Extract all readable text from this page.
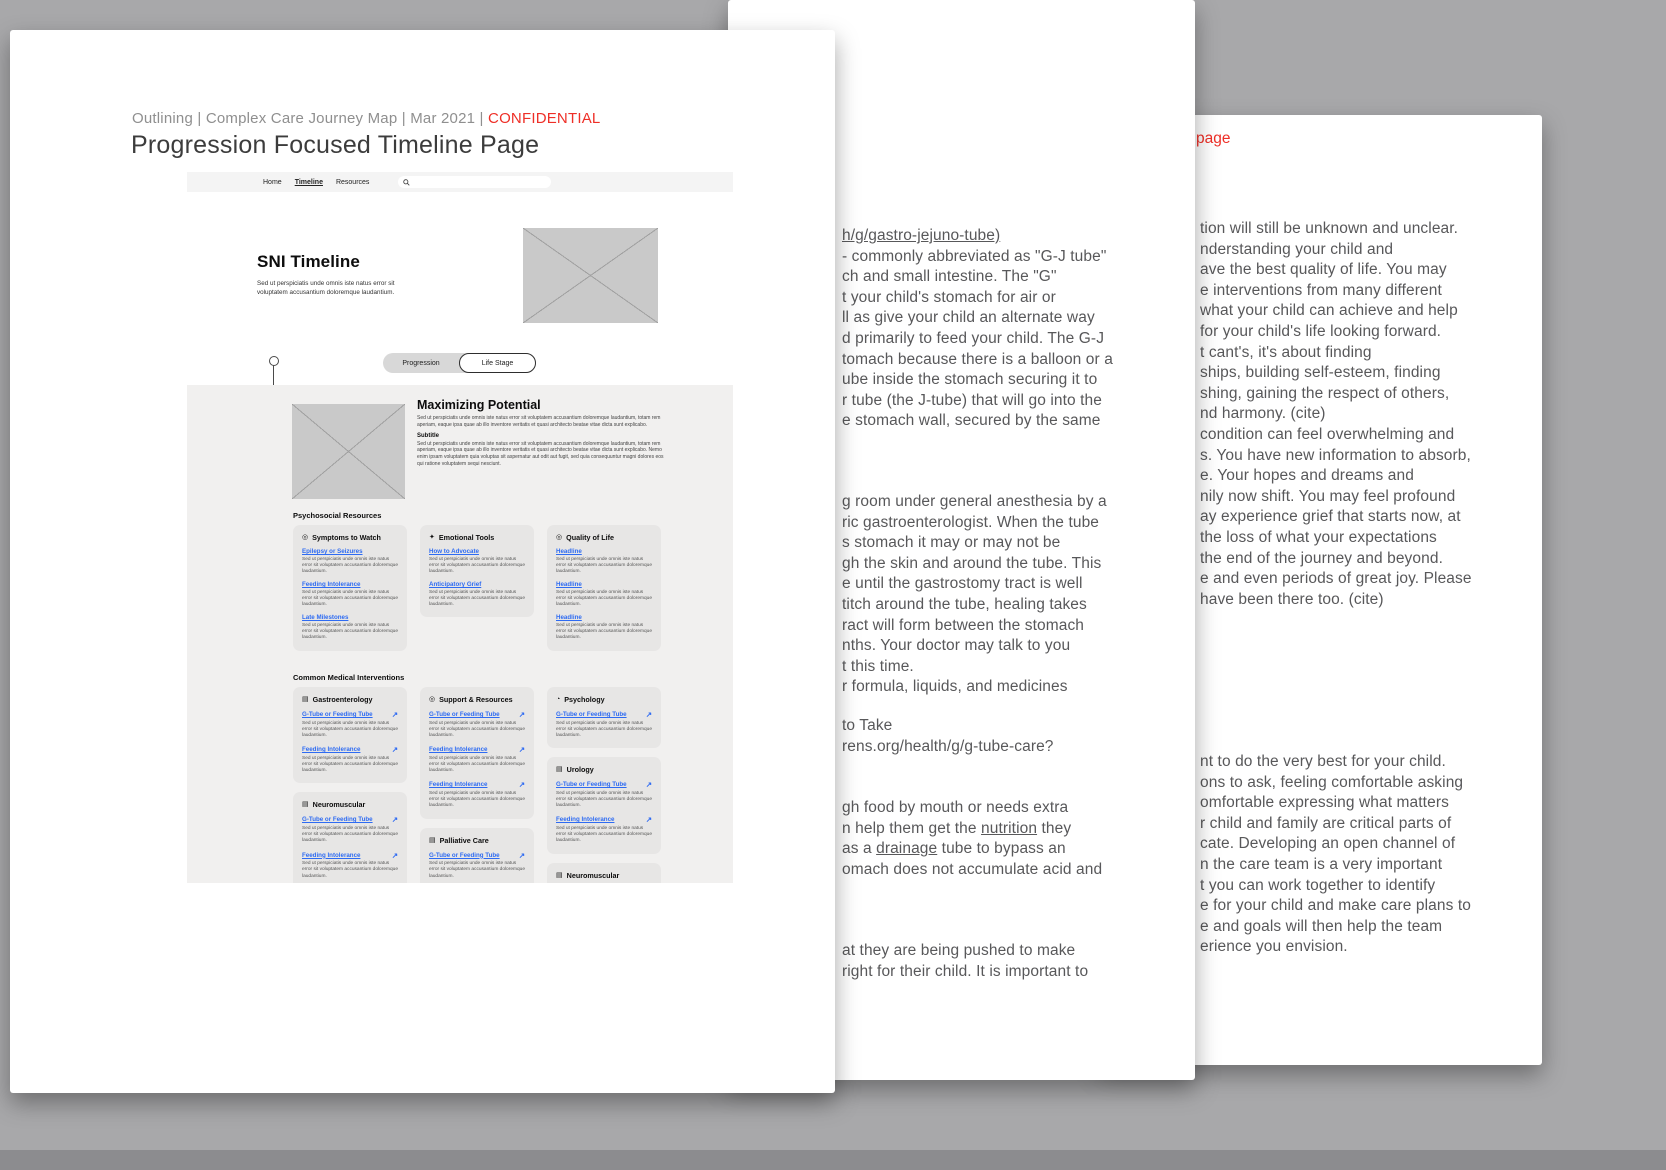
page
tion will still be unknown and unclear.
nderstanding your child and
ave the best quality of life. You may
e interventions from many different
what your child can achieve and help
for your child's life looking forward.
t cant's, it's about finding
ships, building self-esteem, finding
shing, gaining the respect of others,
nd harmony. (cite)
condition can feel overwhelming and
s. You have new information to absorb,
e. Your hopes and dreams and
nily now shift. You may feel profound
ay experience grief that starts now, at
the loss of what your expectations
the end of the journey and beyond.
e and even periods of great joy. Please
have been there too. (cite)
nt to do the very best for your child.
ons to ask, feeling comfortable asking
omfortable expressing what matters
r child and family are critical parts of
cate. Developing an open channel of
n the care team is a very important
t you can work together to identify
e for your child and make care plans to
e and goals will then help the team
erience you envision.
h/g/gastro-jejuno-tube)
- commonly abbreviated as "G-J tube"
ch and small intestine. The "G"
t your child's stomach for air or
ll as give your child an alternate way
d primarily to feed your child. The G-J
tomach because there is a balloon or a
ube inside the stomach securing it to
r tube (the J-tube) that will go into the
e stomach wall, secured by the same
g room under general anesthesia by a
ric gastroenterologist. When the tube
s stomach it may or may not be
gh the skin and around the tube. This
e until the gastrostomy tract is well
titch around the tube, healing takes
ract will form between the stomach
nths. Your doctor may talk to you
t this time.
r formula, liquids, and medicines
to Take
rens.org/health/g/g-tube-care?
gh food by mouth or needs extra
n help them get the nutrition they
as a drainage tube to bypass an
omach does not accumulate acid and
at they are being pushed to make
right for their child. It is important to
Outlining | Complex Care Journey Map | Mar 2021 | CONFIDENTIAL
Progression Focused Timeline Page
Home Timeline Resources
SNI Timeline
Sed ut perspiciatis unde omnis iste natus error sit voluptatem accusantium doloremque laudantium.
Progression	Life Stage
Maximizing Potential
Sed ut perspiciatis unde omnis iste natus error sit voluptatem accusantium doloremque laudantium, totam rem aperiam, eaque ipsa quae ab illo inventore veritatis et quasi architecto beatae vitae dicta sunt explicabo.
Subtitle
Sed ut perspiciatis unde omnis iste natus error sit voluptatem accusantium doloremque laudantium, totam rem aperiam, eaque ipsa quae ab illo inventore veritatis et quasi architecto beatae vitae dicta sunt explicabo. Nemo enim ipsam voluptatem quia voluptas sit aspernatur aut odit aut fugit, sed quia consequuntur magni dolores eos qui ratione voluptatem sequi nesciunt.
Psychosocial Resources
◎ Symptoms to Watch
Epilepsy or Seizures
Sed ut perspiciatis unde omnis iste natus error sit voluptatem accusantium doloremque laudantium.
Feeding Intolerance
Sed ut perspiciatis unde omnis iste natus error sit voluptatem accusantium doloremque laudantium.
Late Milestones
Sed ut perspiciatis unde omnis iste natus error sit voluptatem accusantium doloremque laudantium.
✦ Emotional Tools
How to Advocate
Sed ut perspiciatis unde omnis iste natus error sit voluptatem accusantium doloremque laudantium.
Anticipatory Grief
Sed ut perspiciatis unde omnis iste natus error sit voluptatem accusantium doloremque laudantium.
◎ Quality of Life
Headline
Sed ut perspiciatis unde omnis iste natus error sit voluptatem accusantium doloremque laudantium.
Headline
Sed ut perspiciatis unde omnis iste natus error sit voluptatem accusantium doloremque laudantium.
Headline
Sed ut perspiciatis unde omnis iste natus error sit voluptatem accusantium doloremque laudantium.
Common Medical Interventions
▤ Gastroenterology
G-Tube or Feeding Tube	↗
Sed ut perspiciatis unde omnis iste natus error sit voluptatem accusantium doloremque laudantium.
Feeding Intolerance	↗
Sed ut perspiciatis unde omnis iste natus error sit voluptatem accusantium doloremque laudantium.
▤ Neuromuscular
G-Tube or Feeding Tube	↗
Sed ut perspiciatis unde omnis iste natus error sit voluptatem accusantium doloremque laudantium.
Feeding Intolerance	↗
Sed ut perspiciatis unde omnis iste natus error sit voluptatem accusantium doloremque laudantium.
◎ Support & Resources
G-Tube or Feeding Tube	↗
Sed ut perspiciatis unde omnis iste natus error sit voluptatem accusantium doloremque laudantium.
Feeding Intolerance	↗
Sed ut perspiciatis unde omnis iste natus error sit voluptatem accusantium doloremque laudantium.
Feeding Intolerance	↗
Sed ut perspiciatis unde omnis iste natus error sit voluptatem accusantium doloremque laudantium.
▤ Palliative Care
G-Tube or Feeding Tube	↗
Sed ut perspiciatis unde omnis iste natus error sit voluptatem accusantium doloremque laudantium.
◔ Psychology
G-Tube or Feeding Tube	↗
Sed ut perspiciatis unde omnis iste natus error sit voluptatem accusantium doloremque laudantium.
▤ Urology
G-Tube or Feeding Tube	↗
Sed ut perspiciatis unde omnis iste natus error sit voluptatem accusantium doloremque laudantium.
Feeding Intolerance	↗
Sed ut perspiciatis unde omnis iste natus error sit voluptatem accusantium doloremque laudantium.
▤ Neuromuscular
